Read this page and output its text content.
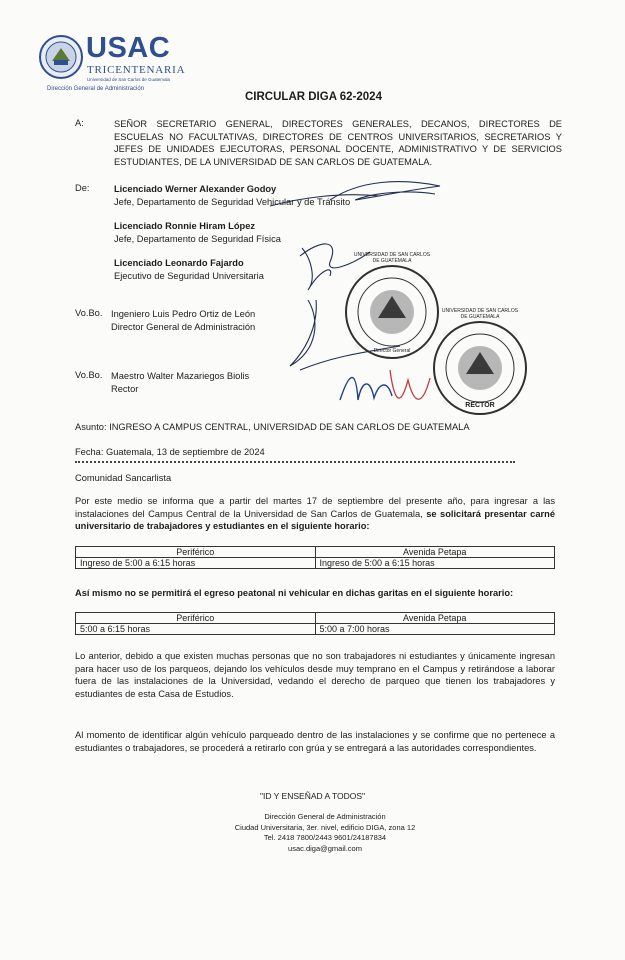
USAC
TRICENTENARIA
Universidad de San Carlos de Guatemala
Dirección General de Administración
CIRCULAR DIGA 62-2024
A:	SEÑOR SECRETARIO GENERAL, DIRECTORES GENERALES, DECANOS, DIRECTORES DE ESCUELAS NO FACULTATIVAS, DIRECTORES DE CENTROS UNIVERSITARIOS, SECRETARIOS Y JEFES DE UNIDADES EJECUTORAS, PERSONAL DOCENTE, ADMINISTRATIVO Y DE SERVICIOS ESTUDIANTES, DE LA UNIVERSIDAD DE SAN CARLOS DE GUATEMALA.
De:	Licenciado Werner Alexander Godoy
Jefe, Departamento de Seguridad Vehicular y de Tránsito
Licenciado Ronnie Hiram López
Jefe, Departamento de Seguridad Física
Licenciado Leonardo Fajardo
Ejecutivo de Seguridad Universitaria
Vo.Bo. Ingeniero Luis Pedro Ortiz de León
Director General de Administración
Vo.Bo. Maestro Walter Mazariegos Biolis
Rector
UNIVERSIDAD DE SAN CARLOS DE GUATEMALA
Director General
UNIVERSIDAD DE SAN CARLOS DE GUATEMALA
RECTOR
Asunto: INGRESO A CAMPUS CENTRAL, UNIVERSIDAD DE SAN CARLOS DE GUATEMALA
Fecha: Guatemala, 13 de septiembre de 2024
Comunidad Sancarlista
Por este medio se informa que a partir del martes 17 de septiembre del presente año, para ingresar a las instalaciones del Campus Central de la Universidad de San Carlos de Guatemala, se solicitará presentar carné universitario de trabajadores y estudiantes en el siguiente horario:
Periférico	Avenida Petapa
Ingreso de 5:00 a 6:15 horas	Ingreso de 5:00 a 6:15 horas
Así mismo no se permitirá el egreso peatonal ni vehicular en dichas garitas en el siguiente horario:
Periférico	Avenida Petapa
5:00 a 6:15 horas	5:00 a 7:00 horas
Lo anterior, debido a que existen muchas personas que no son trabajadores ni estudiantes y únicamente ingresan para hacer uso de los parqueos, dejando los vehículos desde muy temprano en el Campus y retirándose a laborar fuera de las instalaciones de la Universidad, vedando el derecho de parqueo que tienen los trabajadores y estudiantes de esta Casa de Estudios.
Al momento de identificar algún vehículo parqueado dentro de las instalaciones y se confirme que no pertenece a estudiantes o trabajadores, se procederá a retirarlo con grúa y se entregará a las autoridades correspondientes.
"ID Y ENSEÑAD A TODOS"
Dirección General de Administración
Ciudad Universitaria, 3er. nivel, edificio DIGA, zona 12
Tel. 2418 7800/2443 9601/24187834
usac.diga@gmail.com
